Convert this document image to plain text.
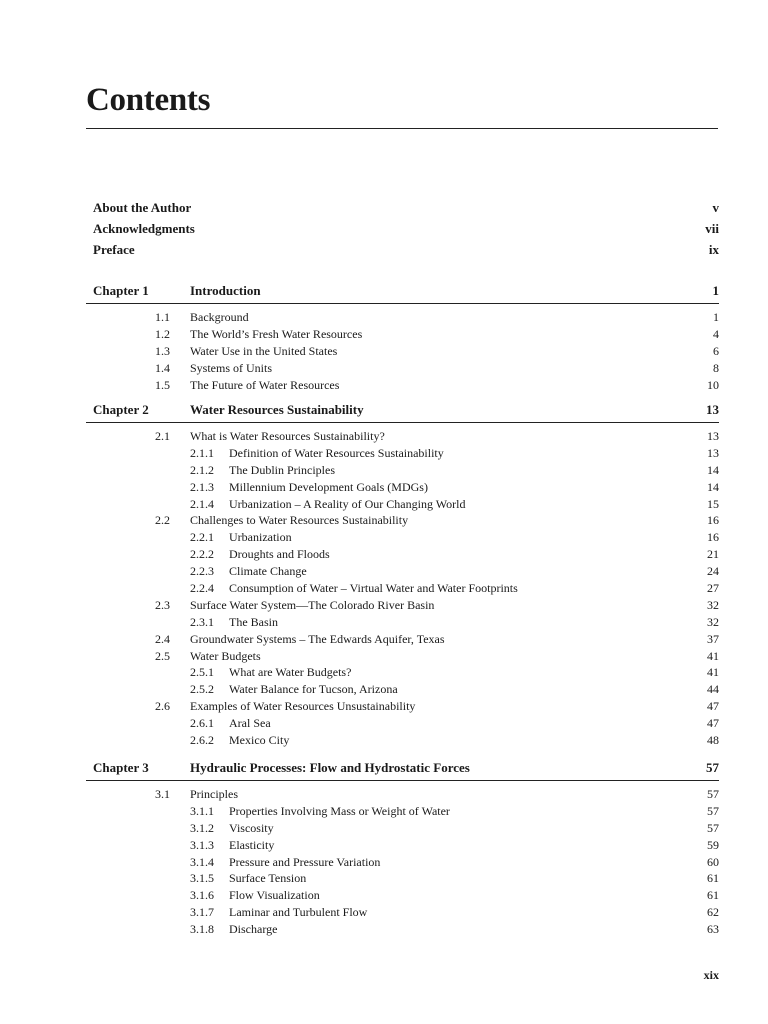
Contents
About the Author	v
Acknowledgments	vii
Preface	ix
Chapter 1	Introduction	1
1.1 Background	1
1.2 The World’s Fresh Water Resources	4
1.3 Water Use in the United States	6
1.4 Systems of Units	8
1.5 The Future of Water Resources	10
Chapter 2	Water Resources Sustainability	13
2.1 What is Water Resources Sustainability?	13
2.1.1 Definition of Water Resources Sustainability	13
2.1.2 The Dublin Principles	14
2.1.3 Millennium Development Goals (MDGs)	14
2.1.4 Urbanization – A Reality of Our Changing World	15
2.2 Challenges to Water Resources Sustainability	16
2.2.1 Urbanization	16
2.2.2 Droughts and Floods	21
2.2.3 Climate Change	24
2.2.4 Consumption of Water – Virtual Water and Water Footprints	27
2.3 Surface Water System—The Colorado River Basin	32
2.3.1 The Basin	32
2.4 Groundwater Systems – The Edwards Aquifer, Texas	37
2.5 Water Budgets	41
2.5.1 What are Water Budgets?	41
2.5.2 Water Balance for Tucson, Arizona	44
2.6 Examples of Water Resources Unsustainability	47
2.6.1 Aral Sea	47
2.6.2 Mexico City	48
Chapter 3	Hydraulic Processes: Flow and Hydrostatic Forces	57
3.1 Principles	57
3.1.1 Properties Involving Mass or Weight of Water	57
3.1.2 Viscosity	57
3.1.3 Elasticity	59
3.1.4 Pressure and Pressure Variation	60
3.1.5 Surface Tension	61
3.1.6 Flow Visualization	61
3.1.7 Laminar and Turbulent Flow	62
3.1.8 Discharge	63
xix
